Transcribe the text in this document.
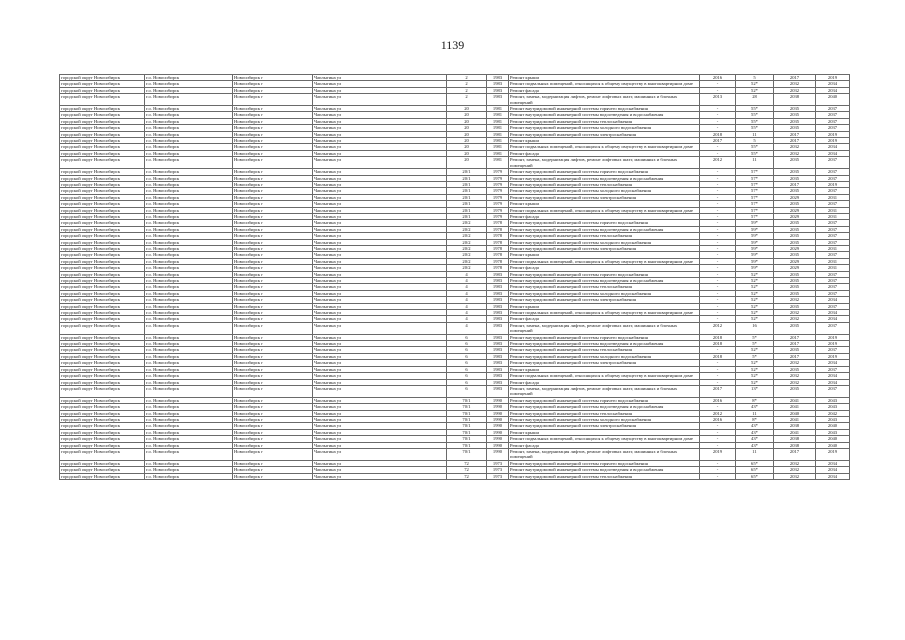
1139
городской округ Новосибирск	г.о. Новосибирск	Новосибирск г	Чаплыгина ул	2	1983	Ремонт крыши	2016	5	2017	2019
городской округ Новосибирск	г.о. Новосибирск	Новосибирск г	Чаплыгина ул	2	1983	Ремонт подвальных помещений, относящихся к общему имуществу в многоквартирном доме	-	52*	2032	2034
городской округ Новосибирск	г.о. Новосибирск	Новосибирск г	Чаплыгина ул	2	1983	Ремонт фасада	-	52*	2032	2034
городской округ Новосибирск	г.о. Новосибирск	Новосибирск г	Чаплыгина ул	2	1983	Ремонт, замена, модернизация лифтов, ремонт лифтовых шахт, машинных и блочных помещений	2013	28	2038	2040
городской округ Новосибирск	г.о. Новосибирск	Новосибирск г	Чаплыгина ул	20	1981	Ремонт внутридомовой инженерной системы горячего водоснабжения	-	55*	2035	2037
городской округ Новосибирск	г.о. Новосибирск	Новосибирск г	Чаплыгина ул	20	1981	Ремонт внутридомовой инженерной системы водоотведения и водоснабжения	-	55*	2035	2037
городской округ Новосибирск	г.о. Новосибирск	Новосибирск г	Чаплыгина ул	20	1981	Ремонт внутридомовой инженерной системы теплоснабжения	-	55*	2035	2037
городской округ Новосибирск	г.о. Новосибирск	Новосибирск г	Чаплыгина ул	20	1981	Ремонт внутридомовой инженерной системы холодного водоснабжения	-	55*	2035	2037
городской округ Новосибирск	г.о. Новосибирск	Новосибирск г	Чаплыгина ул	20	1981	Ремонт внутридомовой инженерной системы электроснабжения	2018	11	2017	2019
городской округ Новосибирск	г.о. Новосибирск	Новосибирск г	Чаплыгина ул	20	1981	Ремонт крыши	2017	5	2017	2019
городской округ Новосибирск	г.о. Новосибирск	Новосибирск г	Чаплыгина ул	20	1981	Ремонт подвальных помещений, относящихся к общему имуществу в многоквартирном доме	-	55*	2032	2034
городской округ Новосибирск	г.о. Новосибирск	Новосибирск г	Чаплыгина ул	20	1981	Ремонт фасада	-	55*	2032	2034
городской округ Новосибирск	г.о. Новосибирск	Новосибирск г	Чаплыгина ул	20	1981	Ремонт, замена, модернизация лифтов, ремонт лифтовых шахт, машинных и блочных помещений	2012	11	2035	2037
городской округ Новосибирск	г.о. Новосибирск	Новосибирск г	Чаплыгина ул	20/1	1979	Ремонт внутридомовой инженерной системы горячего водоснабжения	-	57*	2035	2037
городской округ Новосибирск	г.о. Новосибирск	Новосибирск г	Чаплыгина ул	20/1	1979	Ремонт внутридомовой инженерной системы водоотведения и водоснабжения	-	57*	2035	2037
городской округ Новосибирск	г.о. Новосибирск	Новосибирск г	Чаплыгина ул	20/1	1979	Ремонт внутридомовой инженерной системы теплоснабжения	-	57*	2017	2019
городской округ Новосибирск	г.о. Новосибирск	Новосибирск г	Чаплыгина ул	20/1	1979	Ремонт внутридомовой инженерной системы холодного водоснабжения	-	57*	2035	2037
городской округ Новосибирск	г.о. Новосибирск	Новосибирск г	Чаплыгина ул	20/1	1979	Ремонт внутридомовой инженерной системы электроснабжения	-	57*	2029	2031
городской округ Новосибирск	г.о. Новосибирск	Новосибирск г	Чаплыгина ул	20/1	1979	Ремонт крыши	-	57*	2035	2037
городской округ Новосибирск	г.о. Новосибирск	Новосибирск г	Чаплыгина ул	20/1	1979	Ремонт подвальных помещений, относящихся к общему имуществу в многоквартирном доме	-	57*	2029	2031
городской округ Новосибирск	г.о. Новосибирск	Новосибирск г	Чаплыгина ул	20/1	1979	Ремонт фасада	-	57*	2029	2031
городской округ Новосибирск	г.о. Новосибирск	Новосибирск г	Чаплыгина ул	20/2	1978	Ремонт внутридомовой инженерной системы горячего водоснабжения	-	59*	2035	2037
городской округ Новосибирск	г.о. Новосибирск	Новосибирск г	Чаплыгина ул	20/2	1978	Ремонт внутридомовой инженерной системы водоотведения и водоснабжения	-	59*	2035	2037
городской округ Новосибирск	г.о. Новосибирск	Новосибирск г	Чаплыгина ул	20/2	1978	Ремонт внутридомовой инженерной системы теплоснабжения	-	59*	2035	2037
городской округ Новосибирск	г.о. Новосибирск	Новосибирск г	Чаплыгина ул	20/2	1978	Ремонт внутридомовой инженерной системы холодного водоснабжения	-	59*	2035	2037
городской округ Новосибирск	г.о. Новосибирск	Новосибирск г	Чаплыгина ул	20/2	1978	Ремонт внутридомовой инженерной системы электроснабжения	-	59*	2029	2031
городской округ Новосибирск	г.о. Новосибирск	Новосибирск г	Чаплыгина ул	20/2	1978	Ремонт крыши	-	59*	2035	2037
городской округ Новосибирск	г.о. Новосибирск	Новосибирск г	Чаплыгина ул	20/2	1978	Ремонт подвальных помещений, относящихся к общему имуществу в многоквартирном доме	-	59*	2029	2031
городской округ Новосибирск	г.о. Новосибирск	Новосибирск г	Чаплыгина ул	20/2	1978	Ремонт фасада	-	59*	2029	2031
городской округ Новосибирск	г.о. Новосибирск	Новосибирск г	Чаплыгина ул	4	1983	Ремонт внутридомовой инженерной системы горячего водоснабжения	-	52*	2035	2037
городской округ Новосибирск	г.о. Новосибирск	Новосибирск г	Чаплыгина ул	4	1983	Ремонт внутридомовой инженерной системы водоотведения и водоснабжения	-	52*	2035	2037
городской округ Новосибирск	г.о. Новосибирск	Новосибирск г	Чаплыгина ул	4	1983	Ремонт внутридомовой инженерной системы теплоснабжения	-	52*	2035	2037
городской округ Новосибирск	г.о. Новосибирск	Новосибирск г	Чаплыгина ул	4	1983	Ремонт внутридомовой инженерной системы холодного водоснабжения	-	52*	2035	2037
городской округ Новосибирск	г.о. Новосибирск	Новосибирск г	Чаплыгина ул	4	1983	Ремонт внутридомовой инженерной системы электроснабжения	-	52*	2032	2034
городской округ Новосибирск	г.о. Новосибирск	Новосибирск г	Чаплыгина ул	4	1983	Ремонт крыши	-	52*	2035	2037
городской округ Новосибирск	г.о. Новосибирск	Новосибирск г	Чаплыгина ул	4	1983	Ремонт подвальных помещений, относящихся к общему имуществу в многоквартирном доме	-	52*	2032	2034
городской округ Новосибирск	г.о. Новосибирск	Новосибирск г	Чаплыгина ул	4	1983	Ремонт фасада	-	52*	2032	2034
городской округ Новосибирск	г.о. Новосибирск	Новосибирск г	Чаплыгина ул	4	1983	Ремонт, замена, модернизация лифтов, ремонт лифтовых шахт, машинных и блочных помещений	2012	16	2035	2037
городской округ Новосибирск	г.о. Новосибирск	Новосибирск г	Чаплыгина ул	6	1983	Ремонт внутридомовой инженерной системы горячего водоснабжения	2018	5*	2017	2019
городской округ Новосибирск	г.о. Новосибирск	Новосибирск г	Чаплыгина ул	6	1983	Ремонт внутридомовой инженерной системы водоотведения и водоснабжения	2018	5*	2017	2019
городской округ Новосибирск	г.о. Новосибирск	Новосибирск г	Чаплыгина ул	6	1983	Ремонт внутридомовой инженерной системы теплоснабжения	-	52*	2035	2037
городской округ Новосибирск	г.о. Новосибирск	Новосибирск г	Чаплыгина ул	6	1983	Ремонт внутридомовой инженерной системы холодного водоснабжения	2018	5*	2017	2019
городской округ Новосибирск	г.о. Новосибирск	Новосибирск г	Чаплыгина ул	6	1983	Ремонт внутридомовой инженерной системы электроснабжения	-	52*	2032	2034
городской округ Новосибирск	г.о. Новосибирск	Новосибирск г	Чаплыгина ул	6	1983	Ремонт крыши	-	52*	2035	2037
городской округ Новосибирск	г.о. Новосибирск	Новосибирск г	Чаплыгина ул	6	1983	Ремонт подвальных помещений, относящихся к общему имуществу в многоквартирном доме	-	52*	2032	2034
городской округ Новосибирск	г.о. Новосибирск	Новосибирск г	Чаплыгина ул	6	1983	Ремонт фасада	-	52*	2032	2034
городской округ Новосибирск	г.о. Новосибирск	Новосибирск г	Чаплыгина ул	6	1983	Ремонт, замена, модернизация лифтов, ремонт лифтовых шахт, машинных и блочных помещений	2017	13*	2035	2037
городской округ Новосибирск	г.о. Новосибирск	Новосибирск г	Чаплыгина ул	70/1	1990	Ремонт внутридомовой инженерной системы горячего водоснабжения	2016	8*	2041	2043
городской округ Новосибирск	г.о. Новосибирск	Новосибирск г	Чаплыгина ул	70/1	1990	Ремонт внутридомовой инженерной системы водоотведения и водоснабжения	-	43*	2041	2043
городской округ Новосибирск	г.о. Новосибирск	Новосибирск г	Чаплыгина ул	70/1	1990	Ремонт внутридомовой инженерной системы теплоснабжения	2012	11	2040	2042
городской округ Новосибирск	г.о. Новосибирск	Новосибирск г	Чаплыгина ул	70/1	1990	Ремонт внутридомовой инженерной системы холодного водоснабжения	2016	8*	2041	2043
городской округ Новосибирск	г.о. Новосибирск	Новосибирск г	Чаплыгина ул	70/1	1990	Ремонт внутридомовой инженерной системы электроснабжения	-	43*	2038	2040
городской округ Новосибирск	г.о. Новосибирск	Новосибирск г	Чаплыгина ул	70/1	1990	Ремонт крыши	-	43*	2041	2043
городской округ Новосибирск	г.о. Новосибирск	Новосибирск г	Чаплыгина ул	70/1	1990	Ремонт подвальных помещений, относящихся к общему имуществу в многоквартирном доме	-	43*	2038	2040
городской округ Новосибирск	г.о. Новосибирск	Новосибирск г	Чаплыгина ул	70/1	1990	Ремонт фасада	-	43*	2038	2040
городской округ Новосибирск	г.о. Новосибирск	Новосибирск г	Чаплыгина ул	70/1	1990	Ремонт, замена, модернизация лифтов, ремонт лифтовых шахт, машинных и блочных помещений	2019	11	2017	2019
городской округ Новосибирск	г.о. Новосибирск	Новосибирск г	Чаплыгина ул	72	1973	Ремонт внутридомовой инженерной системы горячего водоснабжения	-	65*	2032	2034
городской округ Новосибирск	г.о. Новосибирск	Новосибирск г	Чаплыгина ул	72	1973	Ремонт внутридомовой инженерной системы водоотведения и водоснабжения	-	65*	2032	2034
городской округ Новосибирск	г.о. Новосибирск	Новосибирск г	Чаплыгина ул	72	1973	Ремонт внутридомовой инженерной системы теплоснабжения	-	65*	2032	2034
